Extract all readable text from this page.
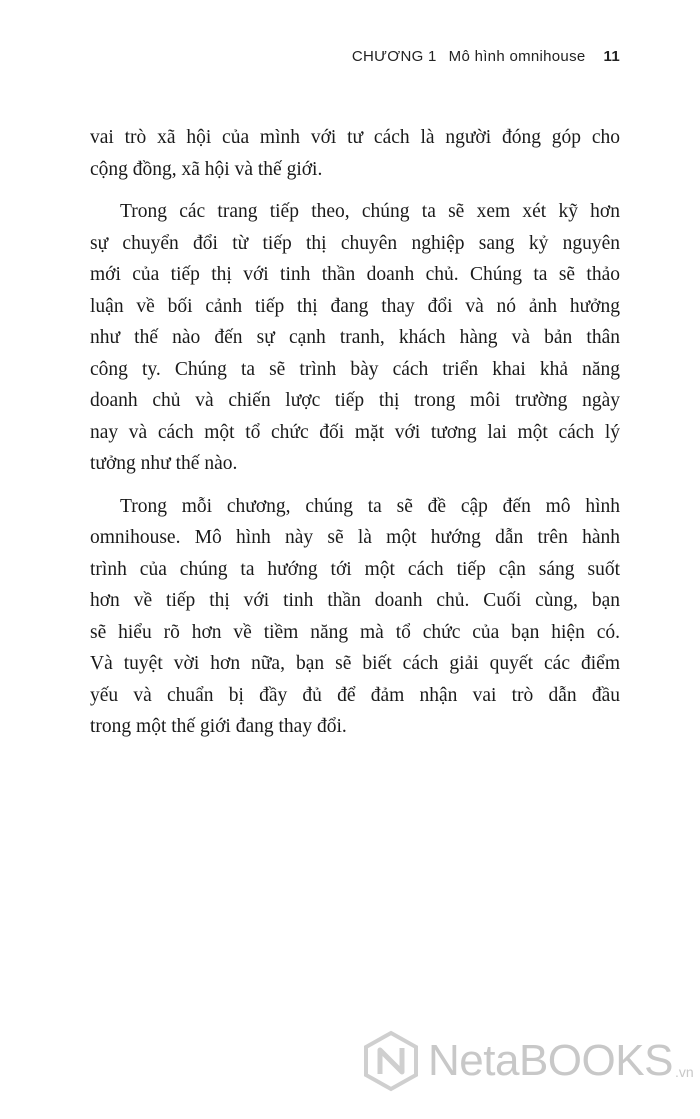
CHƯƠNG 1 Mô hình omnihouse 11
vai trò xã hội của mình với tư cách là người đóng góp cho
cộng đồng, xã hội và thế giới.
Trong các trang tiếp theo, chúng ta sẽ xem xét kỹ hơn
sự chuyển đổi từ tiếp thị chuyên nghiệp sang kỷ nguyên
mới của tiếp thị với tinh thần doanh chủ. Chúng ta sẽ thảo
luận về bối cảnh tiếp thị đang thay đổi và nó ảnh hưởng
như thế nào đến sự cạnh tranh, khách hàng và bản thân
công ty. Chúng ta sẽ trình bày cách triển khai khả năng
doanh chủ và chiến lược tiếp thị trong môi trường ngày
nay và cách một tổ chức đối mặt với tương lai một cách lý
tưởng như thế nào.
Trong mỗi chương, chúng ta sẽ đề cập đến mô hình
omnihouse. Mô hình này sẽ là một hướng dẫn trên hành
trình của chúng ta hướng tới một cách tiếp cận sáng suốt
hơn về tiếp thị với tinh thần doanh chủ. Cuối cùng, bạn
sẽ hiểu rõ hơn về tiềm năng mà tổ chức của bạn hiện có.
Và tuyệt vời hơn nữa, bạn sẽ biết cách giải quyết các điểm
yếu và chuẩn bị đầy đủ để đảm nhận vai trò dẫn đầu
trong một thế giới đang thay đổi.
NetaBOOKS .vn
